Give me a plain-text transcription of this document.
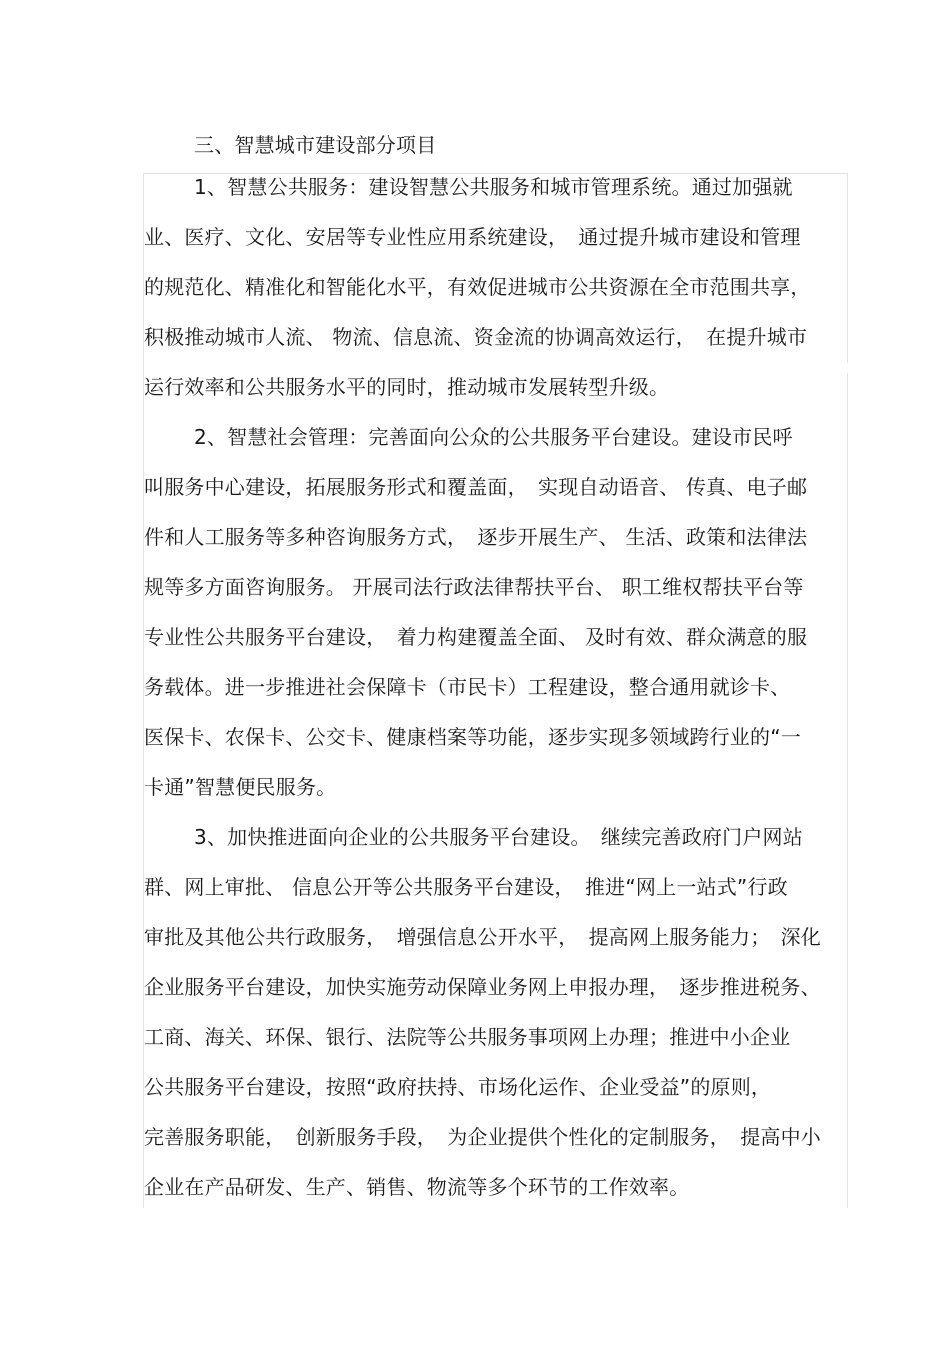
三、智慧城市建设部分项目
1、智慧公共服务：建设智慧公共服务和城市管理系统。通过加强就
业、医疗、文化、安居等专业性应用系统建设，　通过提升城市建设和管理
的规范化、精准化和智能化水平，有效促进城市公共资源在全市范围共享，
积极推动城市人流、 物流、信息流、资金流的协调高效运行，　在提升城市
运行效率和公共服务水平的同时，推动城市发展转型升级。
2、智慧社会管理：完善面向公众的公共服务平台建设。建设市民呼
叫服务中心建设，拓展服务形式和覆盖面，　实现自动语音、 传真、电子邮
件和人工服务等多种咨询服务方式，　逐步开展生产、 生活、政策和法律法
规等多方面咨询服务。 开展司法行政法律帮扶平台、 职工维权帮扶平台等
专业性公共服务平台建设，　着力构建覆盖全面、 及时有效、群众满意的服
务载体。进一步推进社会保障卡（市民卡）工程建设，整合通用就诊卡、
医保卡、农保卡、公交卡、健康档案等功能，逐步实现多领域跨行业的“一
卡通”智慧便民服务。
3、加快推进面向企业的公共服务平台建设。　继续完善政府门户网站
群、网上审批、 信息公开等公共服务平台建设，　推进“网上一站式”行政
审批及其他公共行政服务，　增强信息公开水平，　提高网上服务能力；　深化
企业服务平台建设，加快实施劳动保障业务网上申报办理，　逐步推进税务、
工商、海关、环保、银行、法院等公共服务事项网上办理；推进中小企业
公共服务平台建设，按照“政府扶持、市场化运作、企业受益”的原则，
完善服务职能，　创新服务手段，　为企业提供个性化的定制服务，　提高中小
企业在产品研发、生产、销售、物流等多个环节的工作效率。
